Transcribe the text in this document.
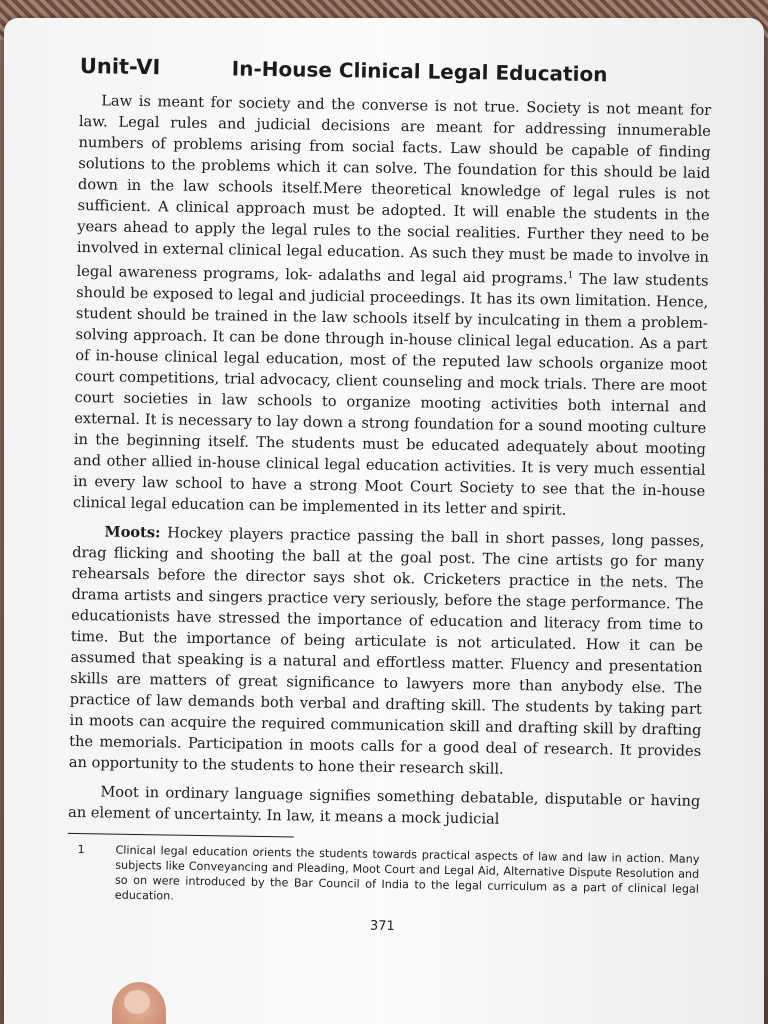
Unit-VI	In-House Clinical Legal Education

Law is meant for society and the converse is not true. Society is not meant for law. Legal rules and judicial decisions are meant for addressing innumerable numbers of problems arising from social facts. Law should be capable of finding solutions to the problems which it can solve. The foundation for this should be laid down in the law schools itself.Mere theoretical knowledge of legal rules is not sufficient. A clinical approach must be adopted. It will enable the students in the years ahead to apply the legal rules to the social realities. Further they need to be involved in external clinical legal education. As such they must be made to involve in legal awareness programs, lok- adalaths and legal aid programs.$^1$ The law students should be exposed to legal and judicial proceedings. It has its own limitation. Hence, student should be trained in the law schools itself by inculcating in them a problem-solving approach. It can be done through in-house clinical legal education. As a part of in-house clinical legal education, most of the reputed law schools organize moot court competitions, trial advocacy, client counseling and mock trials. There are moot court societies in law schools to organize mooting activities both internal and external. It is necessary to lay down a strong foundation for a sound mooting culture in the beginning itself. The students must be educated adequately about mooting and other allied in-house clinical legal education activities. It is very much essential in every law school to have a strong Moot Court Society to see that the in-house clinical legal education can be implemented in its letter and spirit.

Moots: Hockey players practice passing the ball in short passes, long passes, drag flicking and shooting the ball at the goal post. The cine artists go for many rehearsals before the director says shot ok. Cricketers practice in the nets. The drama artists and singers practice very seriously, before the stage performance. The educationists have stressed the importance of education and literacy from time to time. But the importance of being articulate is not articulated. How it can be assumed that speaking is a natural and effortless matter. Fluency and presentation skills are matters of great significance to lawyers more than anybody else. The practice of law demands both verbal and drafting skill. The students by taking part in moots can acquire the required communication skill and drafting skill by drafting the memorials. Participation in moots calls for a good deal of research. It provides an opportunity to the students to hone their research skill.

Moot in ordinary language signifies something debatable, disputable or having an element of uncertainty. In law, it means a mock judicial

1	Clinical legal education orients the students towards practical aspects of law and law in action. Many subjects like Conveyancing and Pleading, Moot Court and Legal Aid, Alternative Dispute Resolution and so on were introduced by the Bar Council of India to the legal curriculum as a part of clinical legal education.
371
